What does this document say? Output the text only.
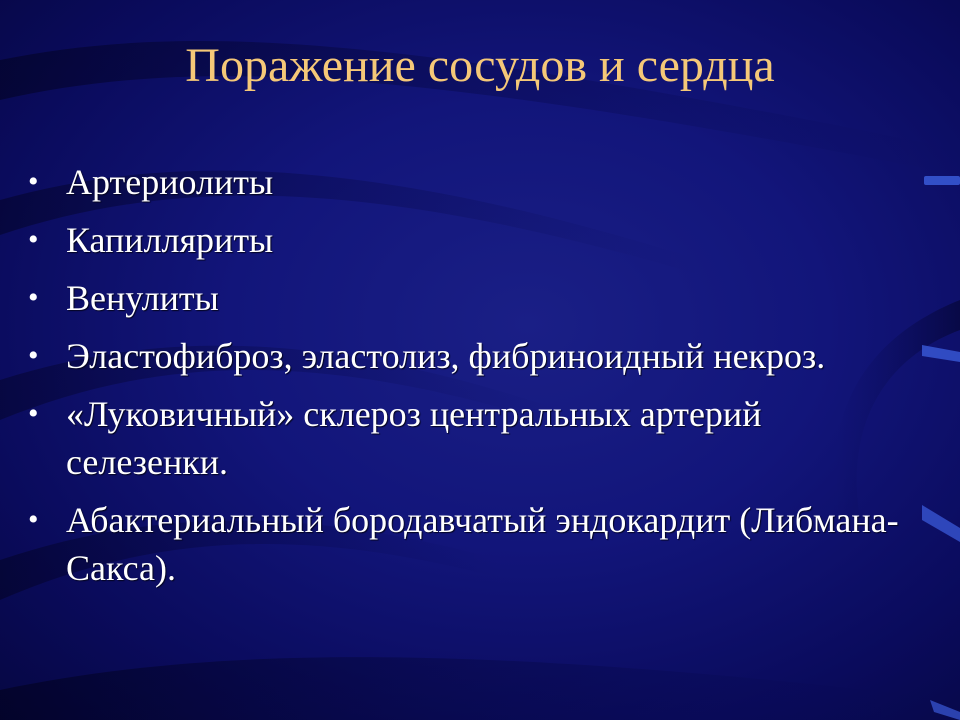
Поражение сосудов и сердца
• Артериолиты
• Капилляриты
• Венулиты
• Эластофиброз, эластолиз, фибриноидный некроз.
• «Луковичный» склероз центральных артерий селезенки.
• Абактериальный бородавчатый эндокардит (Либмана-Сакса).
